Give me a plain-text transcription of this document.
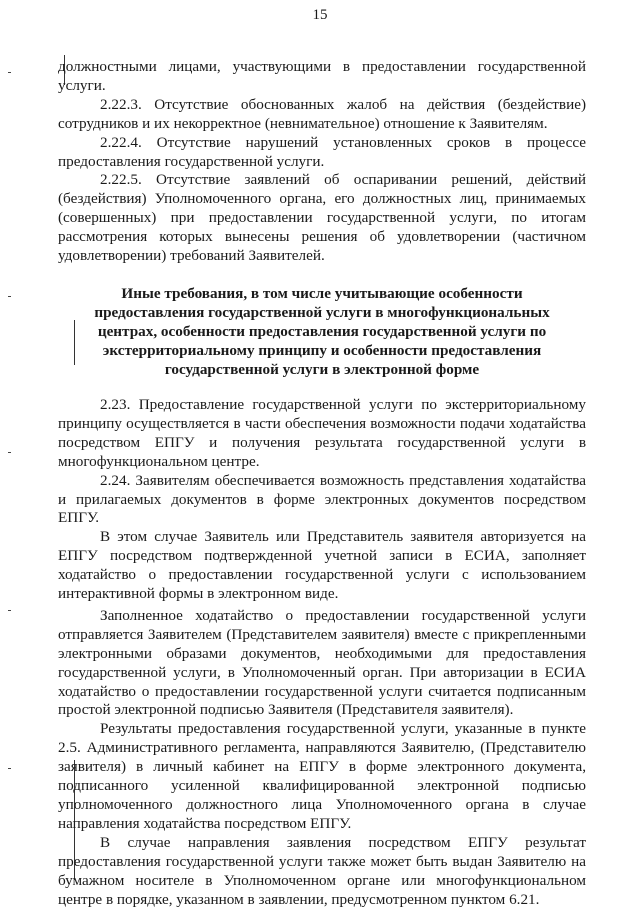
15

должностными лицами, участвующими в предоставлении государственной услуги.

2.22.3. Отсутствие обоснованных жалоб на действия (бездействие) сотрудников и их некорректное (невнимательное) отношение к Заявителям.

2.22.4. Отсутствие нарушений установленных сроков в процессе предоставления государственной услуги.

2.22.5. Отсутствие заявлений об оспаривании решений, действий (бездействия) Уполномоченного органа, его должностных лиц, принимаемых (совершенных) при предоставлении государственной услуги, по итогам рассмотрения которых вынесены решения об удовлетворении (частичном удовлетворении) требований Заявителей.

Иные требования, в том числе учитывающие особенности предоставления государственной услуги в многофункциональных центрах, особенности предоставления государственной услуги по экстерриториальному принципу и особенности предоставления государственной услуги в электронной форме

2.23. Предоставление государственной услуги по экстерриториальному принципу осуществляется в части обеспечения возможности подачи ходатайства посредством ЕПГУ и получения результата государственной услуги в многофункциональном центре.

2.24. Заявителям обеспечивается возможность представления ходатайства и прилагаемых документов в форме электронных документов посредством ЕПГУ.

В этом случае Заявитель или Представитель заявителя авторизуется на ЕПГУ посредством подтвержденной учетной записи в ЕСИА, заполняет ходатайство о предоставлении государственной услуги с использованием интерактивной формы в электронном виде.

Заполненное ходатайство о предоставлении государственной услуги отправляется Заявителем (Представителем заявителя) вместе с прикрепленными электронными образами документов, необходимыми для предоставления государственной услуги, в Уполномоченный орган. При авторизации в ЕСИА ходатайство о предоставлении государственной услуги считается подписанным простой электронной подписью Заявителя (Представителя заявителя).

Результаты предоставления государственной услуги, указанные в пункте 2.5. Административного регламента, направляются Заявителю, (Представителю заявителя) в личный кабинет на ЕПГУ в форме электронного документа, подписанного усиленной квалифицированной электронной подписью уполномоченного должностного лица Уполномоченного органа в случае направления ходатайства посредством ЕПГУ.

В случае направления заявления посредством ЕПГУ результат предоставления государственной услуги также может быть выдан Заявителю на бумажном носителе в Уполномоченном органе или многофункциональном центре в порядке, указанном в заявлении, предусмотренном пунктом 6.21.
